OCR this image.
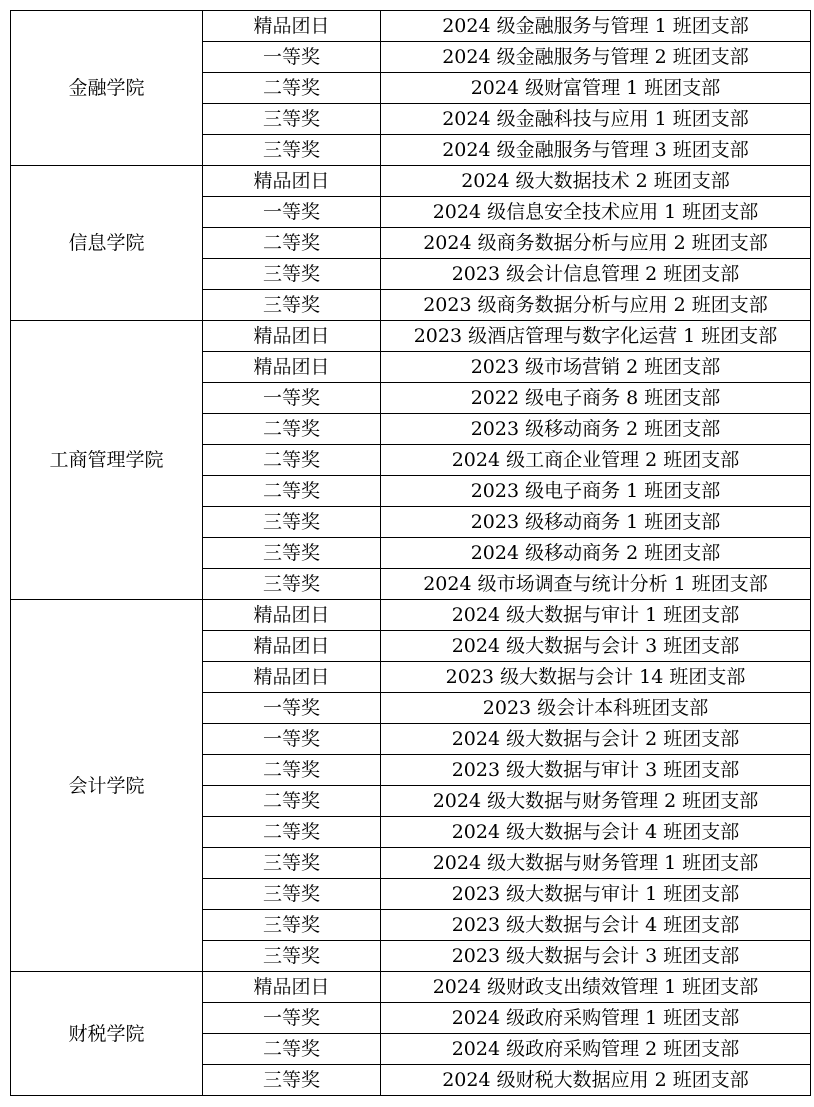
金融学院	精品团日	2024 级金融服务与管理 1 班团支部
	一等奖	2024 级金融服务与管理 2 班团支部
	二等奖	2024 级财富管理 1 班团支部
	三等奖	2024 级金融科技与应用 1 班团支部
	三等奖	2024 级金融服务与管理 3 班团支部
信息学院	精品团日	2024 级大数据技术 2 班团支部
	一等奖	2024 级信息安全技术应用 1 班团支部
	二等奖	2024 级商务数据分析与应用 2 班团支部
	三等奖	2023 级会计信息管理 2 班团支部
	三等奖	2023 级商务数据分析与应用 2 班团支部
工商管理学院	精品团日	2023 级酒店管理与数字化运营 1 班团支部
	精品团日	2023 级市场营销 2 班团支部
	一等奖	2022 级电子商务 8 班团支部
	二等奖	2023 级移动商务 2 班团支部
	二等奖	2024 级工商企业管理 2 班团支部
	二等奖	2023 级电子商务 1 班团支部
	三等奖	2023 级移动商务 1 班团支部
	三等奖	2024 级移动商务 2 班团支部
	三等奖	2024 级市场调查与统计分析 1 班团支部
会计学院	精品团日	2024 级大数据与审计 1 班团支部
	精品团日	2024 级大数据与会计 3 班团支部
	精品团日	2023 级大数据与会计 14 班团支部
	一等奖	2023 级会计本科班团支部
	一等奖	2024 级大数据与会计 2 班团支部
	二等奖	2023 级大数据与审计 3 班团支部
	二等奖	2024 级大数据与财务管理 2 班团支部
	二等奖	2024 级大数据与会计 4 班团支部
	三等奖	2024 级大数据与财务管理 1 班团支部
	三等奖	2023 级大数据与审计 1 班团支部
	三等奖	2023 级大数据与会计 4 班团支部
	三等奖	2023 级大数据与会计 3 班团支部
财税学院	精品团日	2024 级财政支出绩效管理 1 班团支部
	一等奖	2024 级政府采购管理 1 班团支部
	二等奖	2024 级政府采购管理 2 班团支部
	三等奖	2024 级财税大数据应用 2 班团支部
